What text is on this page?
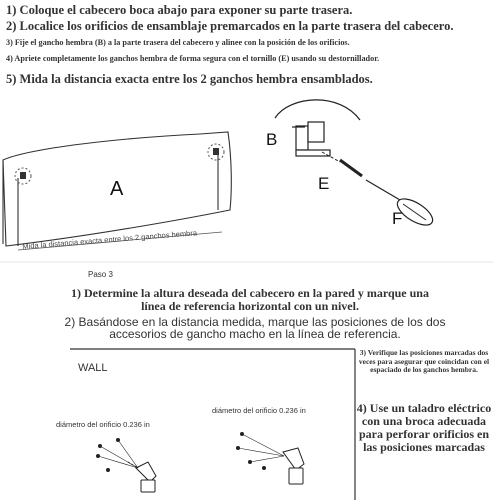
1) Coloque el cabecero boca abajo para exponer su parte trasera.
2) Localice los orificios de ensamblaje premarcados en la parte trasera del cabecero.
3) Fije el gancho hembra (B) a la parte trasera del cabecero y alinee con la posición de los orificios.
4) Apriete completamente los ganchos hembra de forma segura con el tornillo (E) usando su destornillador.
5) Mida la distancia exacta entre los 2 ganchos hembra ensamblados.
A
B
E
F
Mida la distancia exacta entre los 2 ganchos hembra
Paso 3
1) Determine la altura deseada del cabecero en la pared y marque una línea de referencia horizontal con un nivel.
2) Basándose en la distancia medida, marque las posiciones de los dos accesorios de gancho macho en la línea de referencia.
3) Verifique las posiciones marcadas dos veces para asegurar que coincidan con el espaciado de los ganchos hembra.
4) Use un taladro eléctrico con una broca adecuada para perforar orificios en las posiciones marcadas
WALL
diámetro del orificio 0.236 in
diámetro del orificio 0.236 in
